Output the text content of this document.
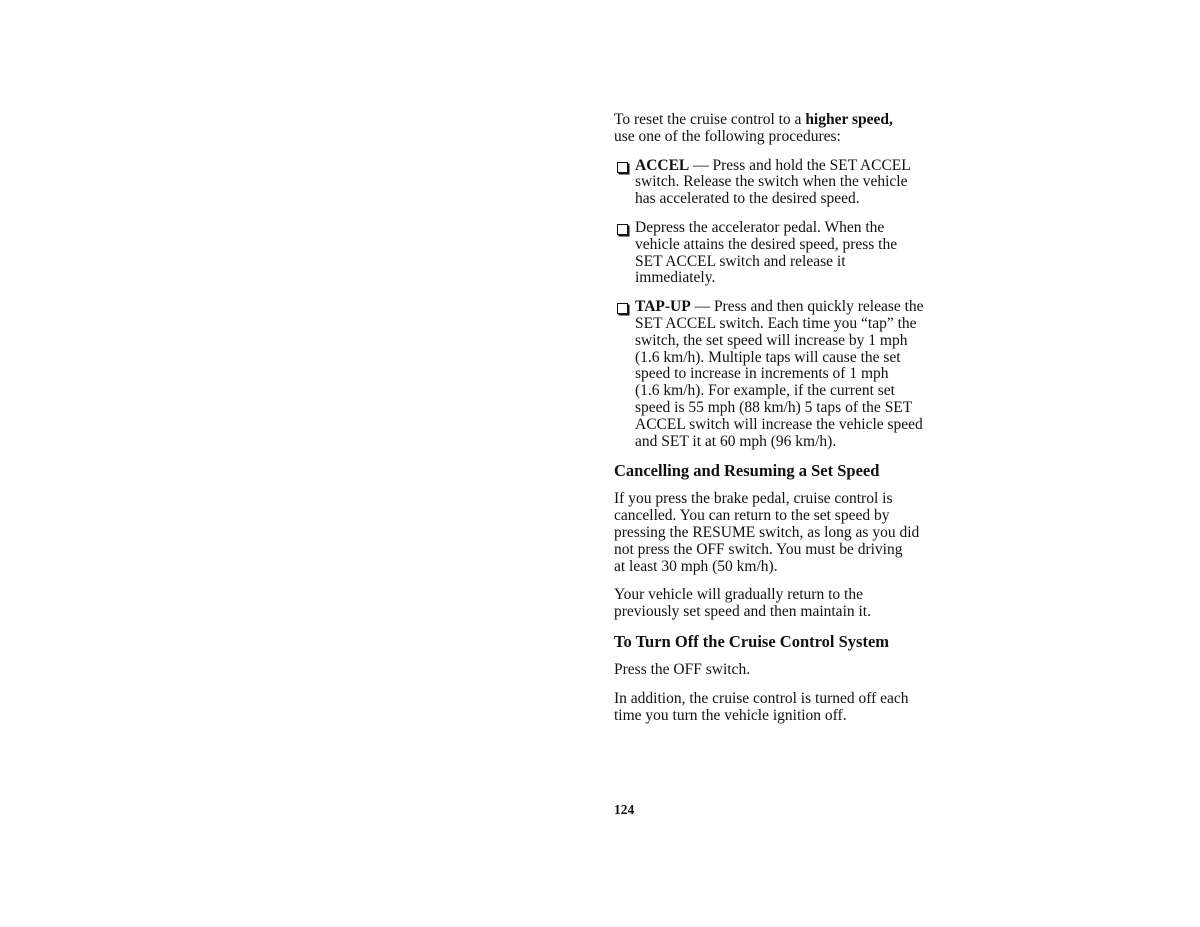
To reset the cruise control to a higher speed,
use one of the following procedures:
ACCEL — Press and hold the SET ACCEL
switch. Release the switch when the vehicle
has accelerated to the desired speed.
Depress the accelerator pedal. When the
vehicle attains the desired speed, press the
SET ACCEL switch and release it
immediately.
TAP-UP — Press and then quickly release the
SET ACCEL switch. Each time you “tap” the
switch, the set speed will increase by 1 mph
(1.6 km/h). Multiple taps will cause the set
speed to increase in increments of 1 mph
(1.6 km/h). For example, if the current set
speed is 55 mph (88 km/h) 5 taps of the SET
ACCEL switch will increase the vehicle speed
and SET it at 60 mph (96 km/h).
Cancelling and Resuming a Set Speed
If you press the brake pedal, cruise control is
cancelled. You can return to the set speed by
pressing the RESUME switch, as long as you did
not press the OFF switch. You must be driving
at least 30 mph (50 km/h).
Your vehicle will gradually return to the
previously set speed and then maintain it.
To Turn Off the Cruise Control System
Press the OFF switch.
In addition, the cruise control is turned off each
time you turn the vehicle ignition off.
124
